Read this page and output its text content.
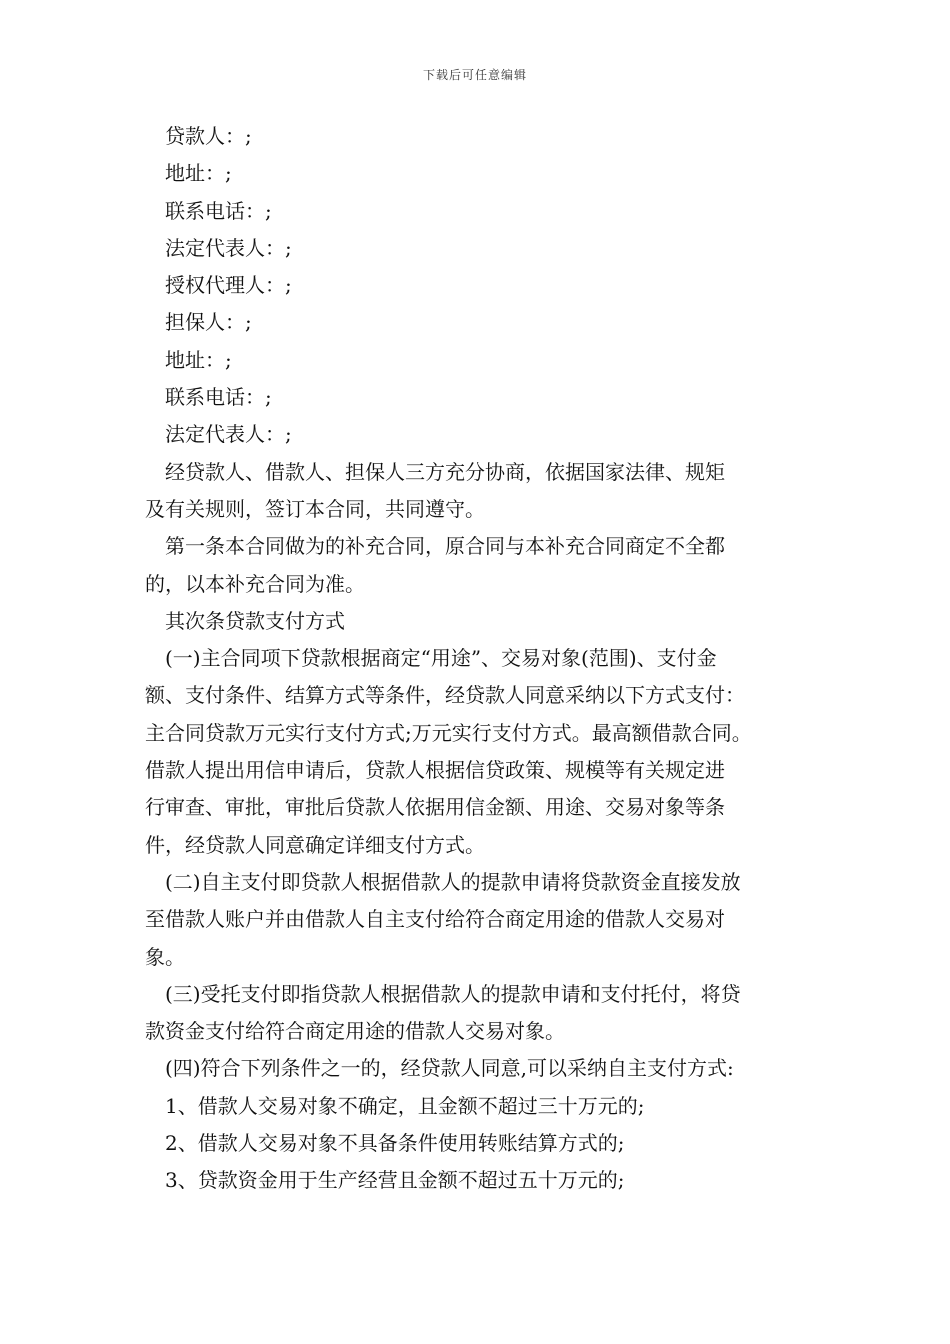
下载后可任意编辑
贷款人：;
地址：;
联系电话：;
法定代表人：;
授权代理人：;
担保人：;
地址：;
联系电话：;
法定代表人：;
经贷款人、借款人、担保人三方充分协商，依据国家法律、规矩
及有关规则，签订本合同，共同遵守。
第一条本合同做为的补充合同，原合同与本补充合同商定不全都
的，以本补充合同为准。
其次条贷款支付方式
(一)主合同项下贷款根据商定“用途”、交易对象(范围)、支付金
额、支付条件、结算方式等条件，经贷款人同意采纳以下方式支付：
主合同贷款万元实行支付方式;万元实行支付方式。最高额借款合同。
借款人提出用信申请后，贷款人根据信贷政策、规模等有关规定进
行审查、审批，审批后贷款人依据用信金额、用途、交易对象等条
件，经贷款人同意确定详细支付方式。
(二)自主支付即贷款人根据借款人的提款申请将贷款资金直接发放
至借款人账户并由借款人自主支付给符合商定用途的借款人交易对
象。
(三)受托支付即指贷款人根据借款人的提款申请和支付托付，将贷
款资金支付给符合商定用途的借款人交易对象。
(四)符合下列条件之一的，经贷款人同意,可以采纳自主支付方式:
1、借款人交易对象不确定，且金额不超过三十万元的;
2、借款人交易对象不具备条件使用转账结算方式的;
3、贷款资金用于生产经营且金额不超过五十万元的;
